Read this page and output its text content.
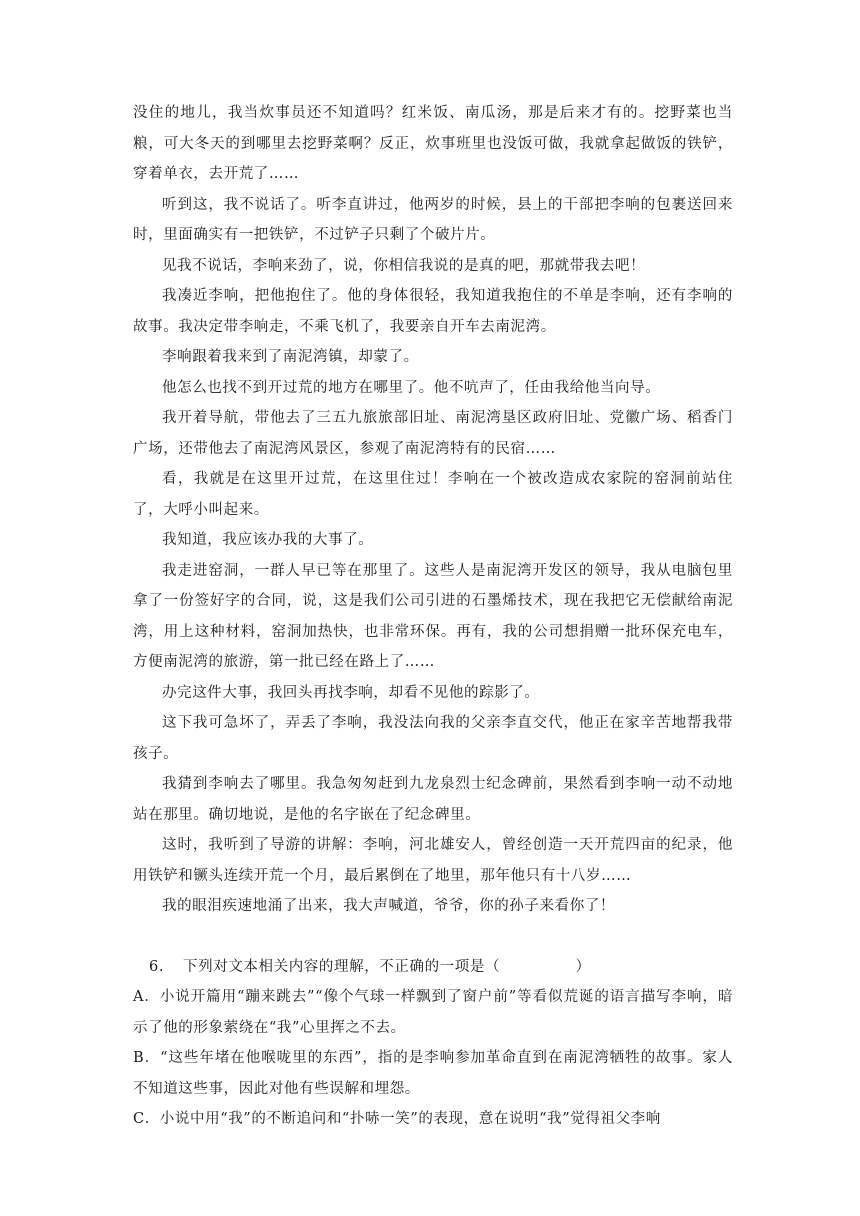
没住的地儿，我当炊事员还不知道吗？红米饭、南瓜汤，那是后来才有的。挖野菜也当粮，可大冬天的到哪里去挖野菜啊？反正，炊事班里也没饭可做，我就拿起做饭的铁铲，穿着单衣，去开荒了……

听到这，我不说话了。听李直讲过，他两岁的时候，县上的干部把李响的包裹送回来时，里面确实有一把铁铲，不过铲子只剩了个破片片。

见我不说话，李响来劲了，说，你相信我说的是真的吧，那就带我去吧！

我凑近李响，把他抱住了。他的身体很轻，我知道我抱住的不单是李响，还有李响的故事。我决定带李响走，不乘飞机了，我要亲自开车去南泥湾。

李响跟着我来到了南泥湾镇，却蒙了。

他怎么也找不到开过荒的地方在哪里了。他不吭声了，任由我给他当向导。

我开着导航，带他去了三五九旅旅部旧址、南泥湾垦区政府旧址、党徽广场、稻香门广场，还带他去了南泥湾风景区，参观了南泥湾特有的民宿……

看，我就是在这里开过荒，在这里住过！李响在一个被改造成农家院的窑洞前站住了，大呼小叫起来。

我知道，我应该办我的大事了。

我走进窑洞，一群人早已等在那里了。这些人是南泥湾开发区的领导，我从电脑包里拿了一份签好字的合同，说，这是我们公司引进的石墨烯技术，现在我把它无偿献给南泥湾，用上这种材料，窑洞加热快，也非常环保。再有，我的公司想捐赠一批环保充电车，方便南泥湾的旅游，第一批已经在路上了……

办完这件大事，我回头再找李响，却看不见他的踪影了。

这下我可急坏了，弄丢了李响，我没法向我的父亲李直交代，他正在家辛苦地帮我带孩子。

我猜到李响去了哪里。我急匆匆赶到九龙泉烈士纪念碑前，果然看到李响一动不动地站在那里。确切地说，是他的名字嵌在了纪念碑里。

这时，我听到了导游的讲解：李响，河北雄安人，曾经创造一天开荒四亩的纪录，他用铁铲和镢头连续开荒一个月，最后累倒在了地里，那年他只有十八岁……

我的眼泪疾速地涌了出来，我大声喊道，爷爷，你的孙子来看你了！

6. 下列对文本相关内容的理解，不正确的一项是（　　　　　）

A．小说开篇用“蹦来跳去”“像个气球一样飘到了窗户前”等看似荒诞的语言描写李响，暗示了他的形象萦绕在“我”心里挥之不去。

B．“这些年堵在他喉咙里的东西”，指的是李响参加革命直到在南泥湾牺牲的故事。家人不知道这些事，因此对他有些误解和埋怨。

C．小说中用“我”的不断追问和“扑哧一笑”的表现，意在说明“我”觉得祖父李响
